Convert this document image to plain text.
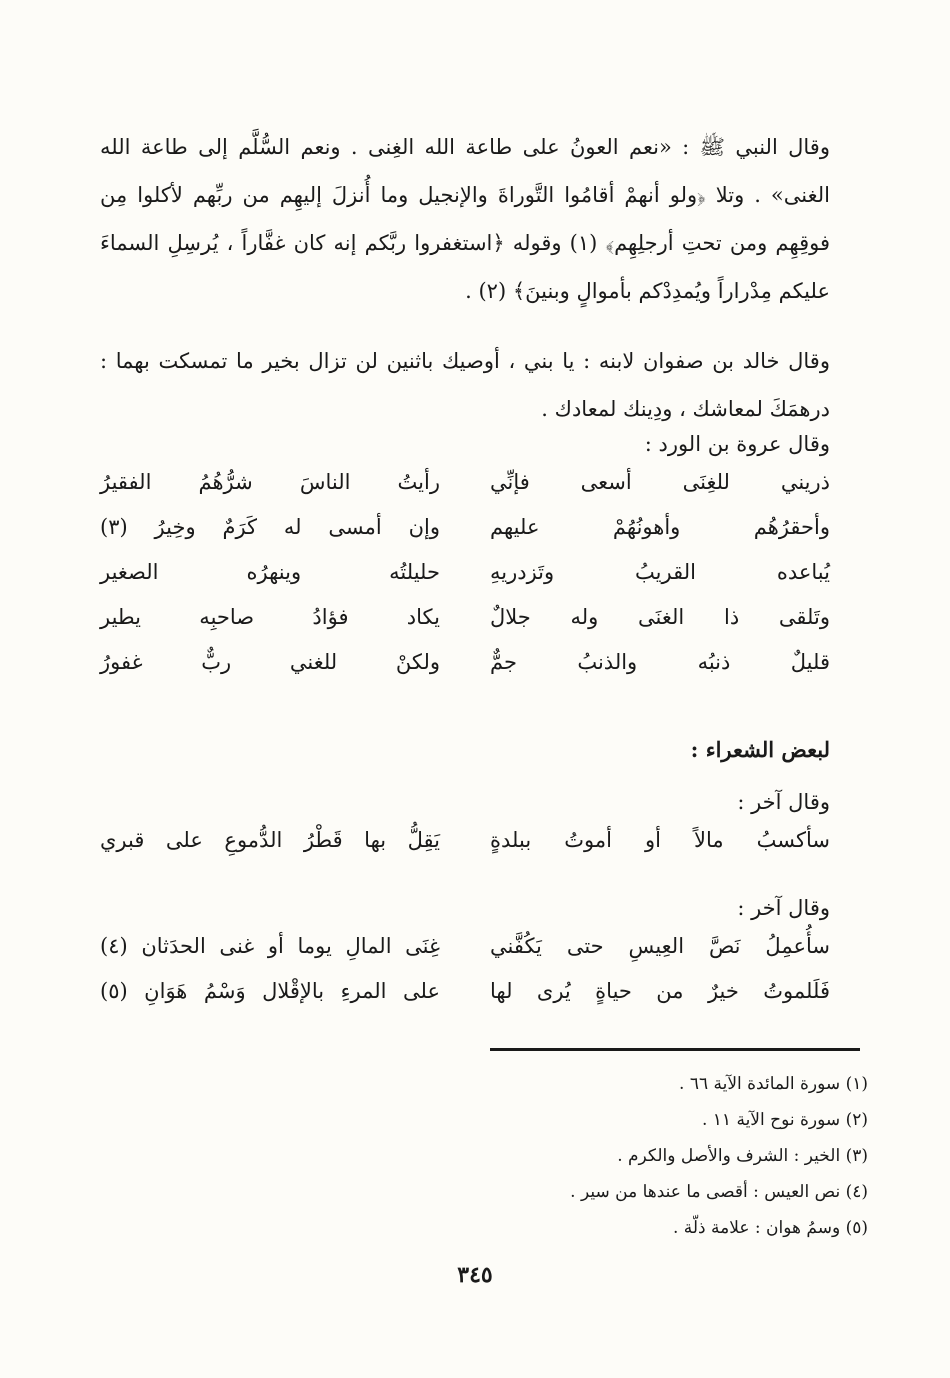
وقال النبي ﷺ : «نعم العونُ على طاعة الله الغِنى . ونعم السُّلَّم إلى طاعة الله الغنى» . وتلا ﴿ولو أنهمْ أقامُوا التَّوراةَ والإنجيل وما أُنزلَ إليهِم من ربِّهم لأكلوا مِن فوقِهِم ومن تحتِ أرجلِهِم﴾ (١) وقوله ﴿استغفروا ربَّكم إنه كان غفَّاراً ، يُرسِلِ السماءَ عليكم مِدْراراً ويُمدِدْكم بأموالٍ وبنينَ﴾ (٢) .

وقال خالد بن صفوان لابنه : يا بني ، أوصيك باثنين لن تزال بخير ما تمسكت بهما : درهمَكَ لمعاشك ، ودِينك لمعادك .

وقال عروة بن الورد :
ذريني للغِنَى أسعى فإنِّي
رأيتُ الناسَ شرُّهُمُ الفقيرُ
وأحقرُهُم وأهونُهُمْ عليهم
وإن أمسى له كَرَمٌ وخِيرُ (٣)
يُباعده القريبُ وتَزدريهِ
حليلتُه وينهرُه الصغير
وتَلقى ذا الغنَى وله جلالٌ
يكاد فؤادُ صاحبِه يطير
قليلٌ ذنبُه والذنبُ جمٌّ
ولكنْ للغني ربٌّ غفورُ
لبعض الشعراء :
وقال آخر :
سأكسبُ مالاً أو أموتُ ببلدةٍ
يَقِلُّ بها قَطْرُ الدُّموعِ على قبري
وقال آخر :
سأُعمِلُ نَصَّ العِيسِ حتى يَكُفَّني
غِنَى المالِ يوما أو غنى الحدَثان (٤)
فَلَلموتُ خيرٌ من حياةٍ يُرى لها
على المرءِ بالإقْلال وَسْمُ هَوَانِ (٥)
(١) سورة المائدة الآية ٦٦ .
(٢) سورة نوح الآية ١١ .
(٣) الخير : الشرف والأصل والكرم .
(٤) نص العيس : أقصى ما عندها من سير .
(٥) وسمُ هوان : علامة ذلّة .
٣٤٥
